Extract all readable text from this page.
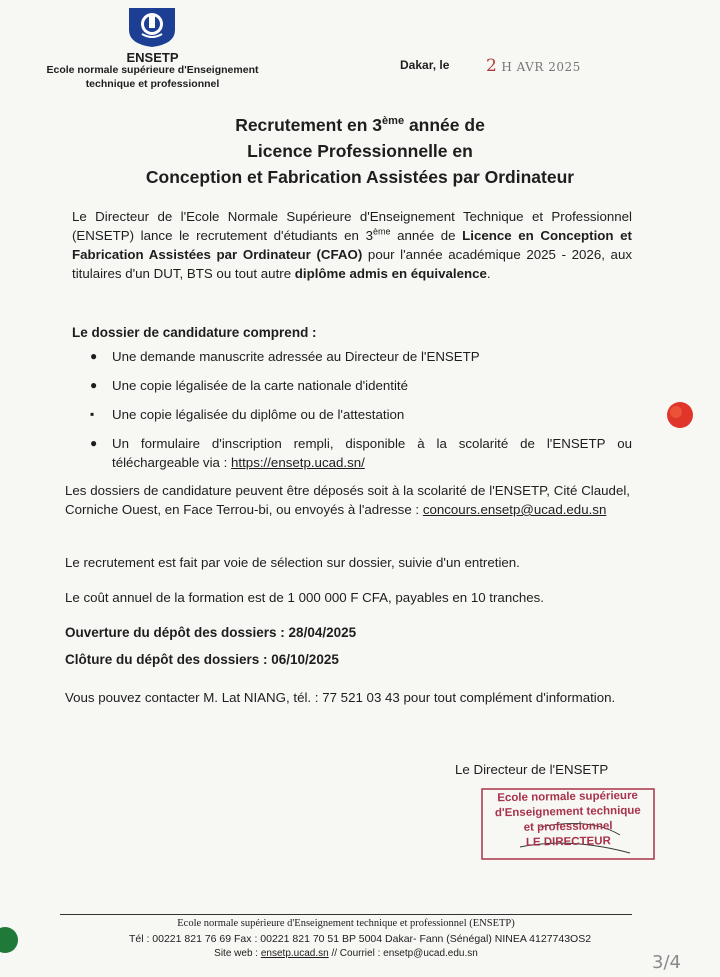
ENSETP
Ecole normale supérieure d'Enseignement
technique et professionnel
Dakar, le 2 H AVR 2025
Recrutement en 3ème année de
Licence Professionnelle en
Conception et Fabrication Assistées par Ordinateur
Le Directeur de l'Ecole Normale Supérieure d'Enseignement Technique et Professionnel (ENSETP) lance le recrutement d'étudiants en 3ème année de Licence en Conception et Fabrication Assistées par Ordinateur (CFAO) pour l'année académique 2025 - 2026, aux titulaires d'un DUT, BTS ou tout autre diplôme admis en équivalence.
Le dossier de candidature comprend :
● Une demande manuscrite adressée au Directeur de l'ENSETP
● Une copie légalisée de la carte nationale d'identité
▪ Une copie légalisée du diplôme ou de l'attestation
● Un formulaire d'inscription rempli, disponible à la scolarité de l'ENSETP ou téléchargeable via : https://ensetp.ucad.sn/
Les dossiers de candidature peuvent être déposés soit à la scolarité de l'ENSETP, Cité Claudel, Corniche Ouest, en Face Terrou-bi, ou envoyés à l'adresse : concours.ensetp@ucad.edu.sn
Le recrutement est fait par voie de sélection sur dossier, suivie d'un entretien.
Le coût annuel de la formation est de 1 000 000 F CFA, payables en 10 tranches.
Ouverture du dépôt des dossiers : 28/04/2025
Clôture du dépôt des dossiers : 06/10/2025
Vous pouvez contacter M. Lat NIANG, tél. : 77 521 03 43 pour tout complément d'information.
Le Directeur de l'ENSETP
Ecole normale supérieure
d'Enseignement technique
et professionnel
LE DIRECTEUR
Ecole normale supérieure d'Enseignement technique et professionnel (ENSETP)
Tél : 00221 821 76 69 Fax : 00221 821 70 51 BP 5004 Dakar- Fann (Sénégal) NINEA 4127743OS2
Site web : ensetp.ucad.sn // Courriel : ensetp@ucad.edu.sn	3/4
